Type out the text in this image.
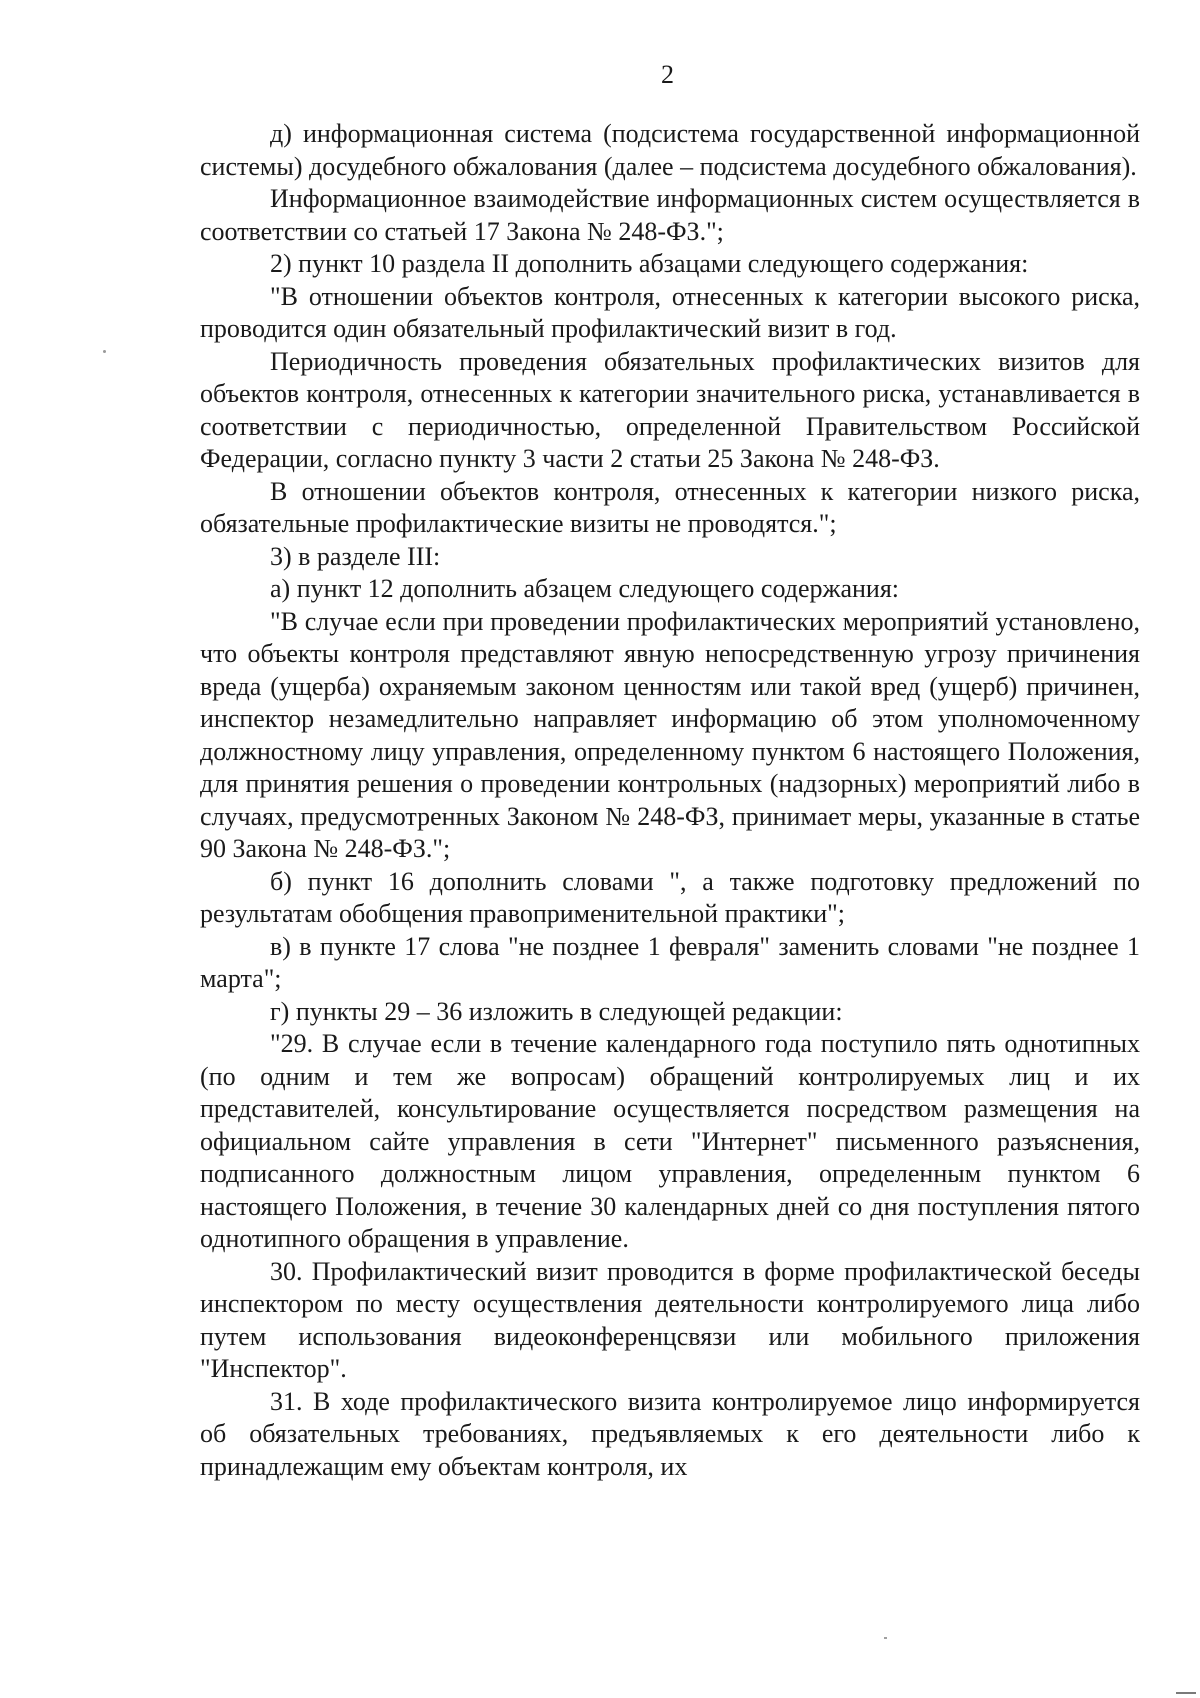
2

д) информационная система (подсистема государственной информационной системы) досудебного обжалования (далее – подсистема досудебного обжалования).

Информационное взаимодействие информационных систем осуществляется в соответствии со статьей 17 Закона № 248-ФЗ.";

2) пункт 10 раздела II дополнить абзацами следующего содержания:

"В отношении объектов контроля, отнесенных к категории высокого риска, проводится один обязательный профилактический визит в год.

Периодичность проведения обязательных профилактических визитов для объектов контроля, отнесенных к категории значительного риска, устанавливается в соответствии с периодичностью, определенной Правительством Российской Федерации, согласно пункту 3 части 2 статьи 25 Закона № 248-ФЗ.

В отношении объектов контроля, отнесенных к категории низкого риска, обязательные профилактические визиты не проводятся.";

3) в разделе III:

а) пункт 12 дополнить абзацем следующего содержания:

"В случае если при проведении профилактических мероприятий установлено, что объекты контроля представляют явную непосредственную угрозу причинения вреда (ущерба) охраняемым законом ценностям или такой вред (ущерб) причинен, инспектор незамедлительно направляет информацию об этом уполномоченному должностному лицу управления, определенному пунктом 6 настоящего Положения, для принятия решения о проведении контрольных (надзорных) мероприятий либо в случаях, предусмотренных Законом № 248-ФЗ, принимает меры, указанные в статье 90 Закона № 248-ФЗ.";

б) пункт 16 дополнить словами ", а также подготовку предложений по результатам обобщения правоприменительной практики";

в) в пункте 17 слова "не позднее 1 февраля" заменить словами "не позднее 1 марта";

г) пункты 29 – 36 изложить в следующей редакции:

"29. В случае если в течение календарного года поступило пять однотипных (по одним и тем же вопросам) обращений контролируемых лиц и их представителей, консультирование осуществляется посредством размещения на официальном сайте управления в сети "Интернет" письменного разъяснения, подписанного должностным лицом управления, определенным пунктом 6 настоящего Положения, в течение 30 календарных дней со дня поступления пятого однотипного обращения в управление.

30. Профилактический визит проводится в форме профилактической беседы инспектором по месту осуществления деятельности контролируемого лица либо путем использования видеоконференцсвязи или мобильного приложения "Инспектор".

31. В ходе профилактического визита контролируемое лицо информируется об обязательных требованиях, предъявляемых к его деятельности либо к принадлежащим ему объектам контроля, их
